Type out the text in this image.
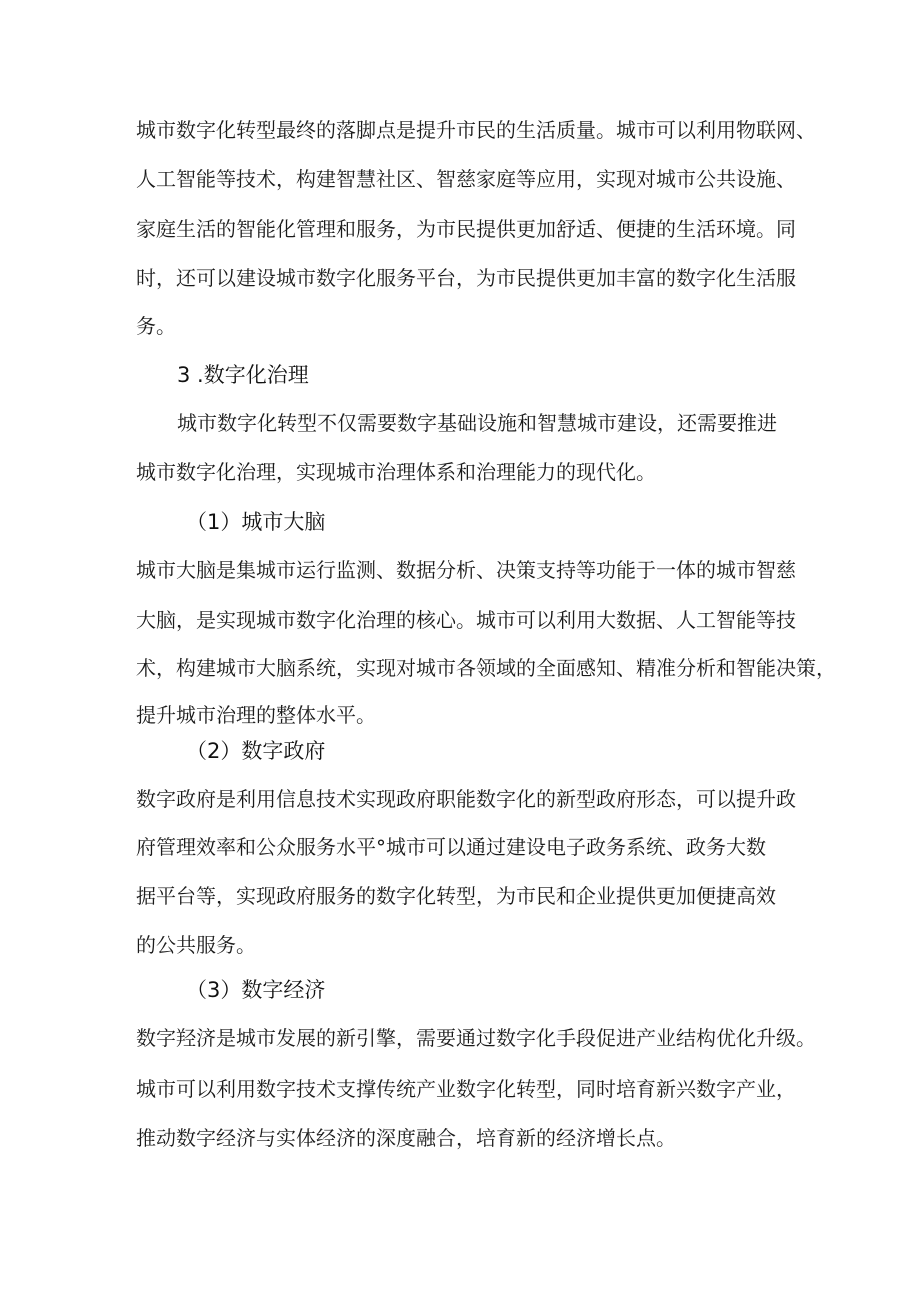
城市数字化转型最终的落脚点是提升市民的生活质量。城市可以利用物联网、
人工智能等技术，构建智慧社区、智慈家庭等应用，实现对城市公共设施、
家庭生活的智能化管理和服务，为市民提供更加舒适、便捷的生活环境。同
时，还可以建设城市数字化服务平台，为市民提供更加丰富的数字化生活服
务。
3 .数字化治理
城市数字化转型不仅需要数字基础设施和智慧城市建设，还需要推进
城市数字化治理，实现城市治理体系和治理能力的现代化。
（1）城市大脑
城市大脑是集城市运行监测、数据分析、决策支持等功能于一体的城市智慈
大脑，是实现城市数字化治理的核心。城市可以利用大数据、人工智能等技
术，构建城市大脑系统，实现对城市各领域的全面感知、精准分析和智能决策，
提升城市治理的整体水平。
（2）数字政府
数字政府是利用信息技术实现政府职能数字化的新型政府形态，可以提升政
府管理效率和公众服务水平°城市可以通过建设电子政务系统、政务大数
据平台等，实现政府服务的数字化转型，为市民和企业提供更加便捷高效
的公共服务。
（3）数字经济
数字羟济是城市发展的新引擎，需要通过数字化手段促进产业结构优化升级。
城市可以利用数字技术支撑传统产业数字化转型，同时培育新兴数字产业，
推动数字经济与实体经济的深度融合，培育新的经济增长点。
